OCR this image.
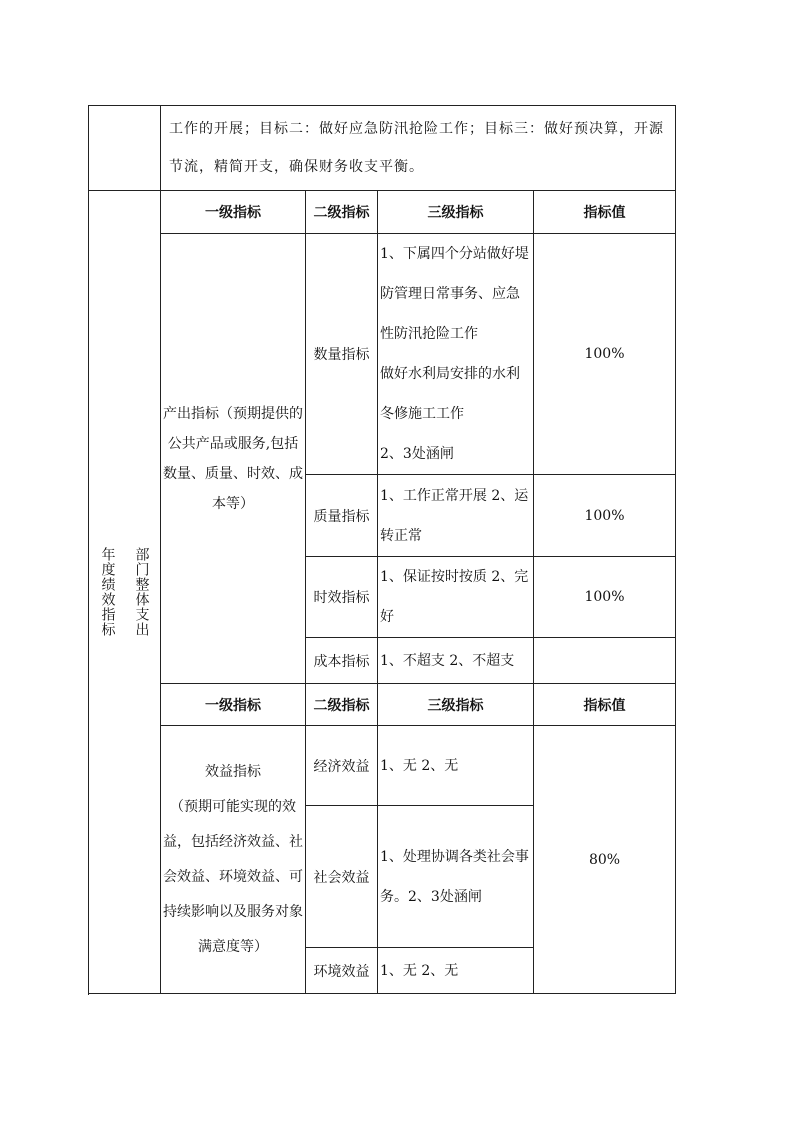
	工作的开展；目标二：做好应急防汛抢险工作；目标三：做好预决算，开源节流，精简开支，确保财务收支平衡。			

部门整体支出
年度绩效指标	一级指标	二级指标	三级指标	指标值
	产出指标（预期提供的公共产品或服务,包括数量、质量、时效、成本等）	数量指标	1、下属四个分站做好堤防管理日常事务、应急性防汛抢险工作
做好水利局安排的水利冬修施工工作
2、3处涵闸	100%
		质量指标	1、工作正常开展 2、运转正常	100%
		时效指标	1、保证按时按质 2、完好	100%
		成本指标	1、不超支 2、不超支	
	一级指标	二级指标	三级指标	指标值
	效益指标
（预期可能实现的效益，包括经济效益、社会效益、环境效益、可持续影响以及服务对象满意度等）	经济效益	1、无 2、无	80%
		社会效益	1、处理协调各类社会事务。2、3处涵闸	
		环境效益	1、无 2、无	
